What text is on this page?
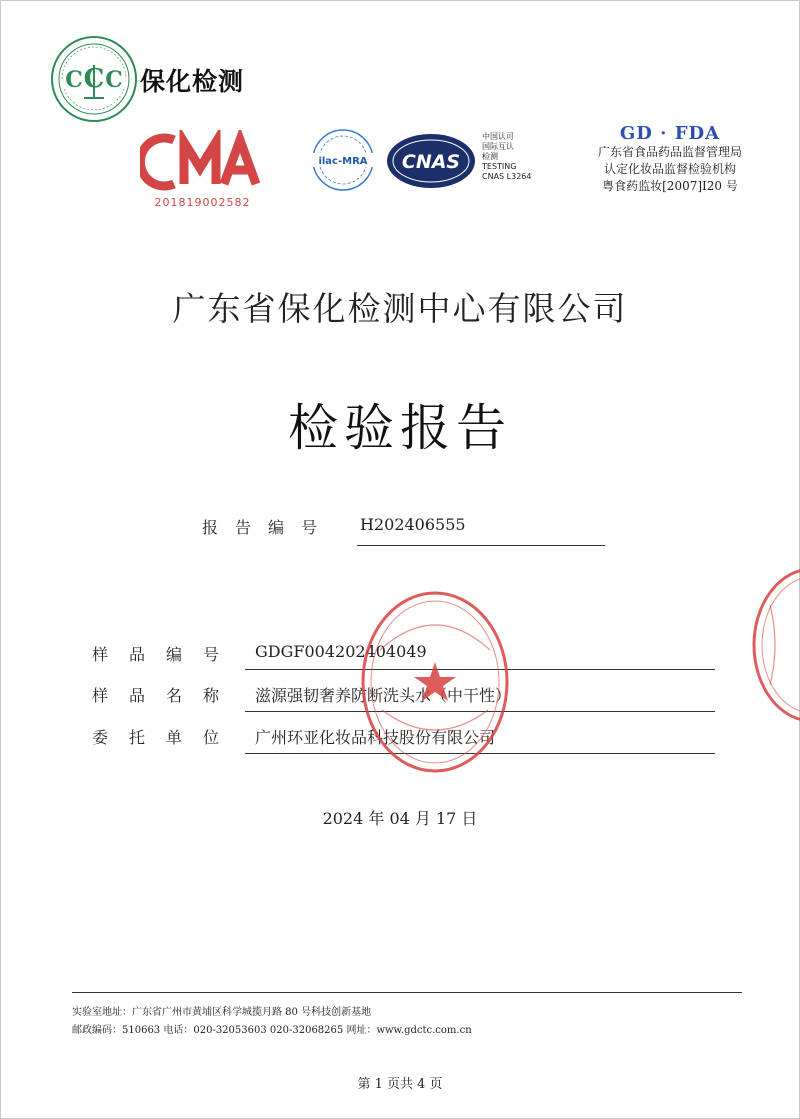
C
C C 保化检测
201819002582
ilac-MRA CNAS
中国认可
国际互认
检测
TESTING
CNAS L3264
GD · FDA
广东省食品药品监督管理局
认定化妆品监督检验机构
粤食药监妆[2007]I20 号
广东省保化检测中心有限公司
检验报告
报告编号 H202406555
样品编号 GDGF004202404049
样品名称 滋源强韧奢养防断洗头水（中干性）
委托单位 广州环亚化妆品科技股份有限公司
2024 年 04 月 17 日
实验室地址：广东省广州市黄埔区科学城揽月路 80 号科技创新基地
邮政编码：510663 电话：020-32053603 020-32068265 网址：www.gdctc.com.cn
第 1 页共 4 页
